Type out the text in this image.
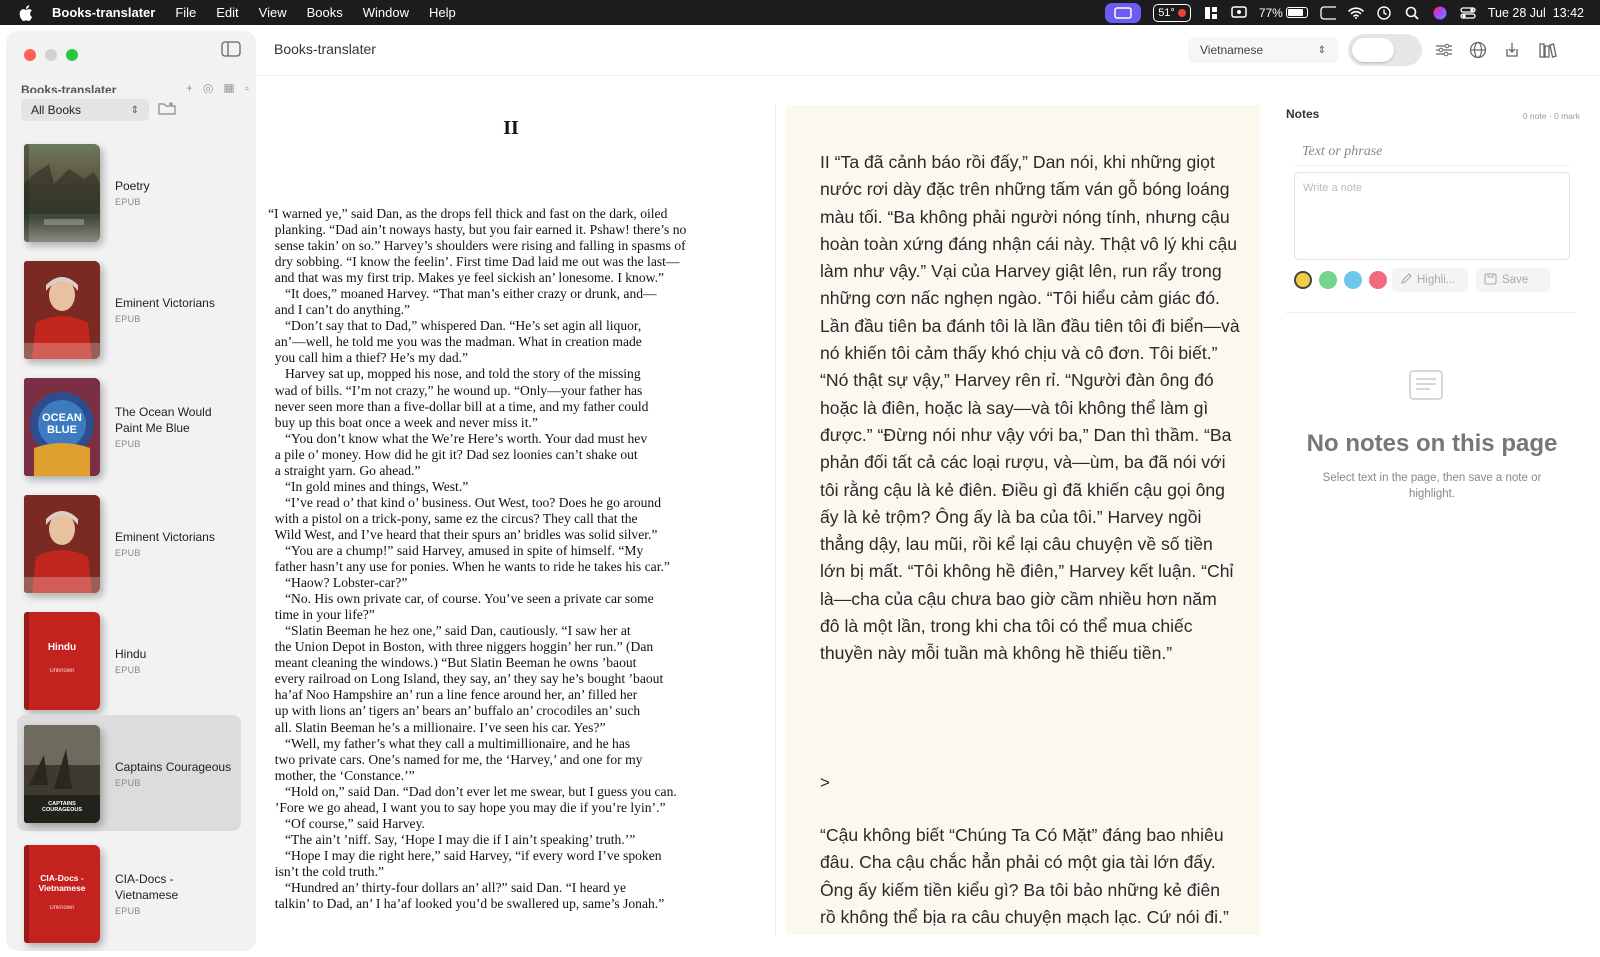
Books-translater	File	Edit	View	Books	Window	Help	51°	77%	Tue 28 Jul  13:42
Books-translater	+ ◎ ▦ ▫
All Books	⇕
Poetry
EPUB
Eminent Victorians
EPUB
OCEAN BLUE
The Ocean Would Paint Me Blue
EPUB
Eminent Victorians
EPUB
Hindu
Unknown
Hindu
EPUB
CAPTAINS COURAGEOUS
Captains Courageous
EPUB
CIA-Docs - Vietnamese
Unknown
CIA-Docs - Vietnamese
EPUB
Books-translater	Vietnamese	⇕
II
“I warned ye,” said Dan, as the drops fell thick and fast on the dark, oiled
planking. “Dad ain’t noways hasty, but you fair earned it. Pshaw! there’s no
sense takin’ on so.” Harvey’s shoulders were rising and falling in spasms of
dry sobbing. “I know the feelin’. First time Dad laid me out was the last—
and that was my first trip. Makes ye feel sickish an’ lonesome. I know.”
“It does,” moaned Harvey. “That man’s either crazy or drunk, and—
and I can’t do anything.”
“Don’t say that to Dad,” whispered Dan. “He’s set agin all liquor,
an’—well, he told me you was the madman. What in creation made
you call him a thief? He’s my dad.”
Harvey sat up, mopped his nose, and told the story of the missing
wad of bills. “I’m not crazy,” he wound up. “Only—your father has
never seen more than a five-dollar bill at a time, and my father could
buy up this boat once a week and never miss it.”
“You don’t know what the We’re Here’s worth. Your dad must hev
a pile o’ money. How did he git it? Dad sez loonies can’t shake out
a straight yarn. Go ahead.”
“In gold mines and things, West.”
“I’ve read o’ that kind o’ business. Out West, too? Does he go around
with a pistol on a trick-pony, same ez the circus? They call that the
Wild West, and I’ve heard that their spurs an’ bridles was solid silver.”
“You are a chump!” said Harvey, amused in spite of himself. “My
father hasn’t any use for ponies. When he wants to ride he takes his car.”
“Haow? Lobster-car?”
“No. His own private car, of course. You’ve seen a private car some
time in your life?”
“Slatin Beeman he hez one,” said Dan, cautiously. “I saw her at
the Union Depot in Boston, with three niggers hoggin’ her run.” (Dan
meant cleaning the windows.) “But Slatin Beeman he owns ’baout
every railroad on Long Island, they say, an’ they say he’s bought ’baout
ha’af Noo Hampshire an’ run a line fence around her, an’ filled her
up with lions an’ tigers an’ bears an’ buffalo an’ crocodiles an’ such
all. Slatin Beeman he’s a millionaire. I’ve seen his car. Yes?”
“Well, my father’s what they call a multimillionaire, and he has
two private cars. One’s named for me, the ‘Harvey,’ and one for my
mother, the ‘Constance.’”
“Hold on,” said Dan. “Dad don’t ever let me swear, but I guess you can.
’Fore we go ahead, I want you to say hope you may die if you’re lyin’.”
“Of course,” said Harvey.
“The ain’t ’niff. Say, ‘Hope I may die if I ain’t speaking’ truth.’”
“Hope I may die right here,” said Harvey, “if every word I’ve spoken
isn’t the cold truth.”
“Hundred an’ thirty-four dollars an’ all?” said Dan. “I heard ye
talkin’ to Dad, an’ I ha’af looked you’d be swallered up, same’s Jonah.”
II “Ta đã cảnh báo rồi đấy,” Dan nói, khi những giọt nước rơi dày đặc trên những tấm ván gỗ bóng loáng màu tối. “Ba không phải người nóng tính, nhưng cậu hoàn toàn xứng đáng nhận cái này. Thật vô lý khi cậu làm như vậy.” Vại của Harvey giật lên, run rẩy trong những cơn nấc nghẹn ngào. “Tôi hiểu cảm giác đó. Lần đầu tiên ba đánh tôi là lần đầu tiên tôi đi biển—và nó khiến tôi cảm thấy khó chịu và cô đơn. Tôi biết.” “Nó thật sự vậy,” Harvey rên rỉ. “Người đàn ông đó hoặc là điên, hoặc là say—và tôi không thể làm gì được.” “Đừng nói như vậy với ba,” Dan thì thầm. “Ba phản đối tất cả các loại rượu, và—ùm, ba đã nói với tôi rằng cậu là kẻ điên. Điều gì đã khiến cậu gọi ông ấy là kẻ trộm? Ông ấy là ba của tôi.” Harvey ngồi thẳng dậy, lau mũi, rồi kể lại câu chuyện về số tiền lớn bị mất. “Tôi không hề điên,” Harvey kết luận. “Chỉ là—cha của cậu chưa bao giờ cầm nhiều hơn năm đô là một lần, trong khi cha tôi có thể mua chiếc thuyền này mỗi tuần mà không hề thiếu tiền.”
>
“Cậu không biết “Chúng Ta Có Mặt” đáng bao nhiêu đâu. Cha cậu chắc hẳn phải có một gia tài lớn đấy. Ông ấy kiếm tiền kiểu gì? Ba tôi bảo những kẻ điên rồ không thể bịa ra câu chuyện mạch lạc. Cứ nói đi.”
Notes	0 note · 0 mark
Text or phrase
Write a note
Highli...	Save
No notes on this page
Select text in the page, then save a note or highlight.
